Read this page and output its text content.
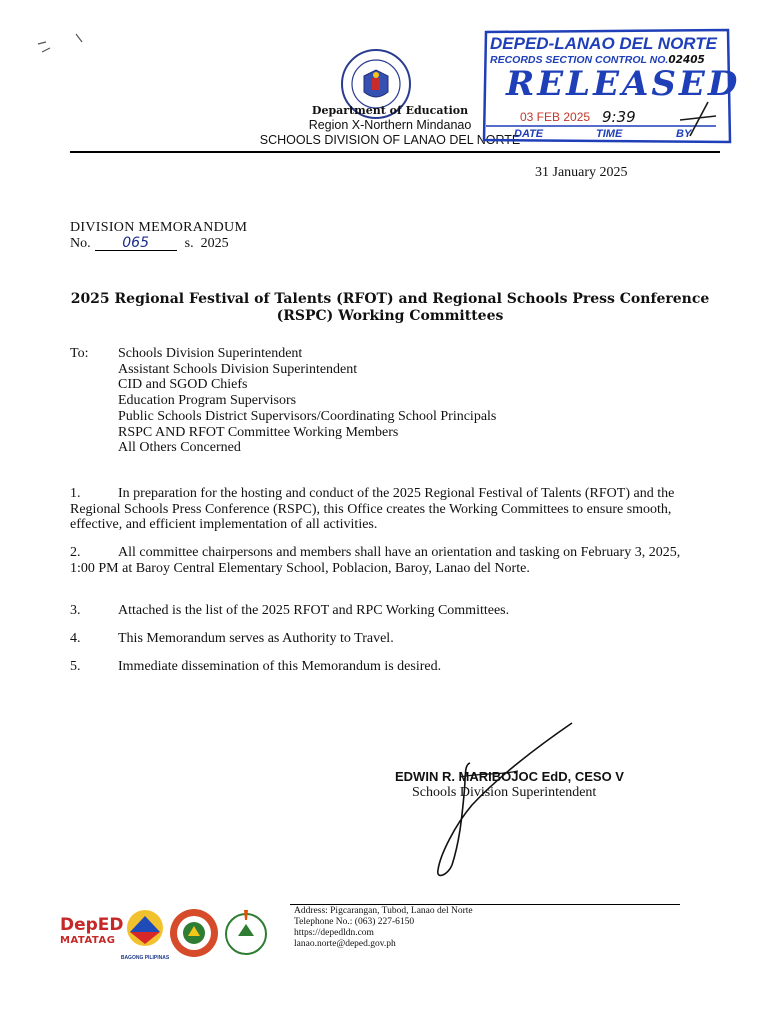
Department of Education
Region X-Northern Mindanao
SCHOOLS DIVISION OF LANAO DEL NORTE
DEPED-LANAO DEL NORTE
RECORDS SECTION CONTROL NO.02405
RELEASED
03 FEB 2025 9:39
DATE	TIME	BY
31 January 2025
DIVISION MEMORANDUM
No. 065	s. 2025
2025 Regional Festival of Talents (RFOT) and Regional Schools Press Conference (RSPC) Working Committees
To: Schools Division Superintendent
Assistant Schools Division Superintendent
CID and SGOD Chiefs
Education Program Supervisors
Public Schools District Supervisors/Coordinating School Principals
RSPC AND RFOT Committee Working Members
All Others Concerned
1.	In preparation for the hosting and conduct of the 2025 Regional Festival of Talents (RFOT) and the Regional Schools Press Conference (RSPC), this Office creates the Working Committees to ensure smooth, effective, and efficient implementation of all activities.
2.	All committee chairpersons and members shall have an orientation and tasking on February 3, 2025, 1:00 PM at Baroy Central Elementary School, Poblacion, Baroy, Lanao del Norte.
3.	Attached is the list of the 2025 RFOT and RPC Working Committees.
4.	This Memorandum serves as Authority to Travel.
5.	Immediate dissemination of this Memorandum is desired.
EDWIN R. MARIBOJOC EdD, CESO V
Schools Division Superintendent
DepED
MATATAG
BAGONG PILIPINAS
Address: Pigcarangan, Tubod, Lanao del Norte
Telephone No.: (063) 227-6150
https://depedldn.com
lanao.norte@deped.gov.ph
